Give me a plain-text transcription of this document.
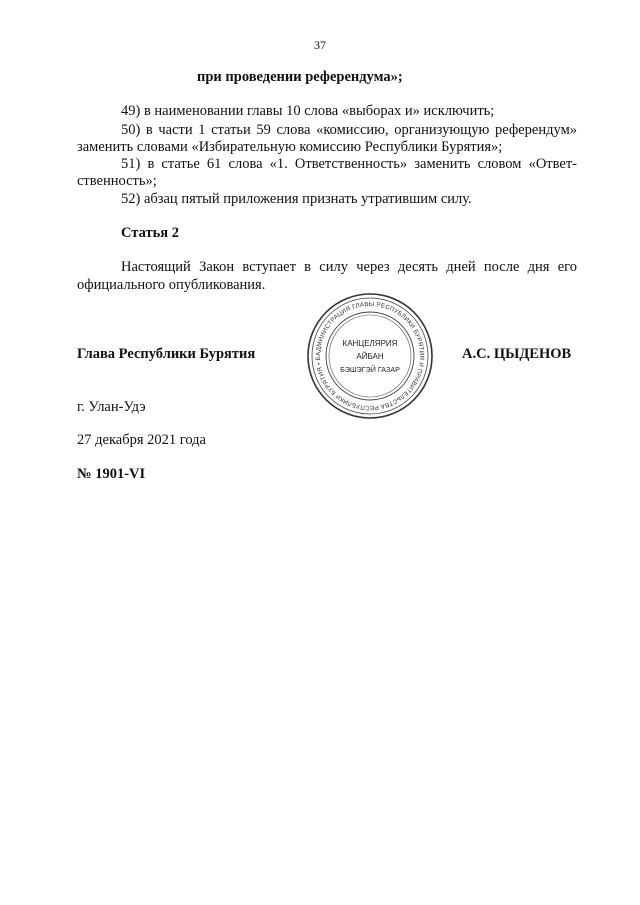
37
при проведении референдума»;
49) в наименовании главы 10 слова «выборах и» исключить;
50) в части 1 статьи 59 слова «комиссию, организующую референдум»
заменить словами «Избирательную комиссию Республики Бурятия»;
51) в статье 61 слова «1. Ответственность» заменить словом «Ответ-
ственность»;
52) абзац пятый приложения признать утратившим силу.
Статья 2
Настоящий Закон вступает в силу через десять дней после дня его
официального опубликования.
Глава Республики Бурятия	А.С. ЦЫДЕНОВ
АДМИНИСТРАЦИЯ ГЛАВЫ РЕСПУБЛИКИ БУРЯТИЯ И ПРАВИТЕЛЬСТВА РЕСПУБЛИКИ БУРЯТИЯ • Б
КАНЦЕЛЯРИЯ
АЙБАН
БЭШЭГЭЙ ГАЗАР
г. Улан-Удэ
27 декабря 2021 года
№ 1901-VI
